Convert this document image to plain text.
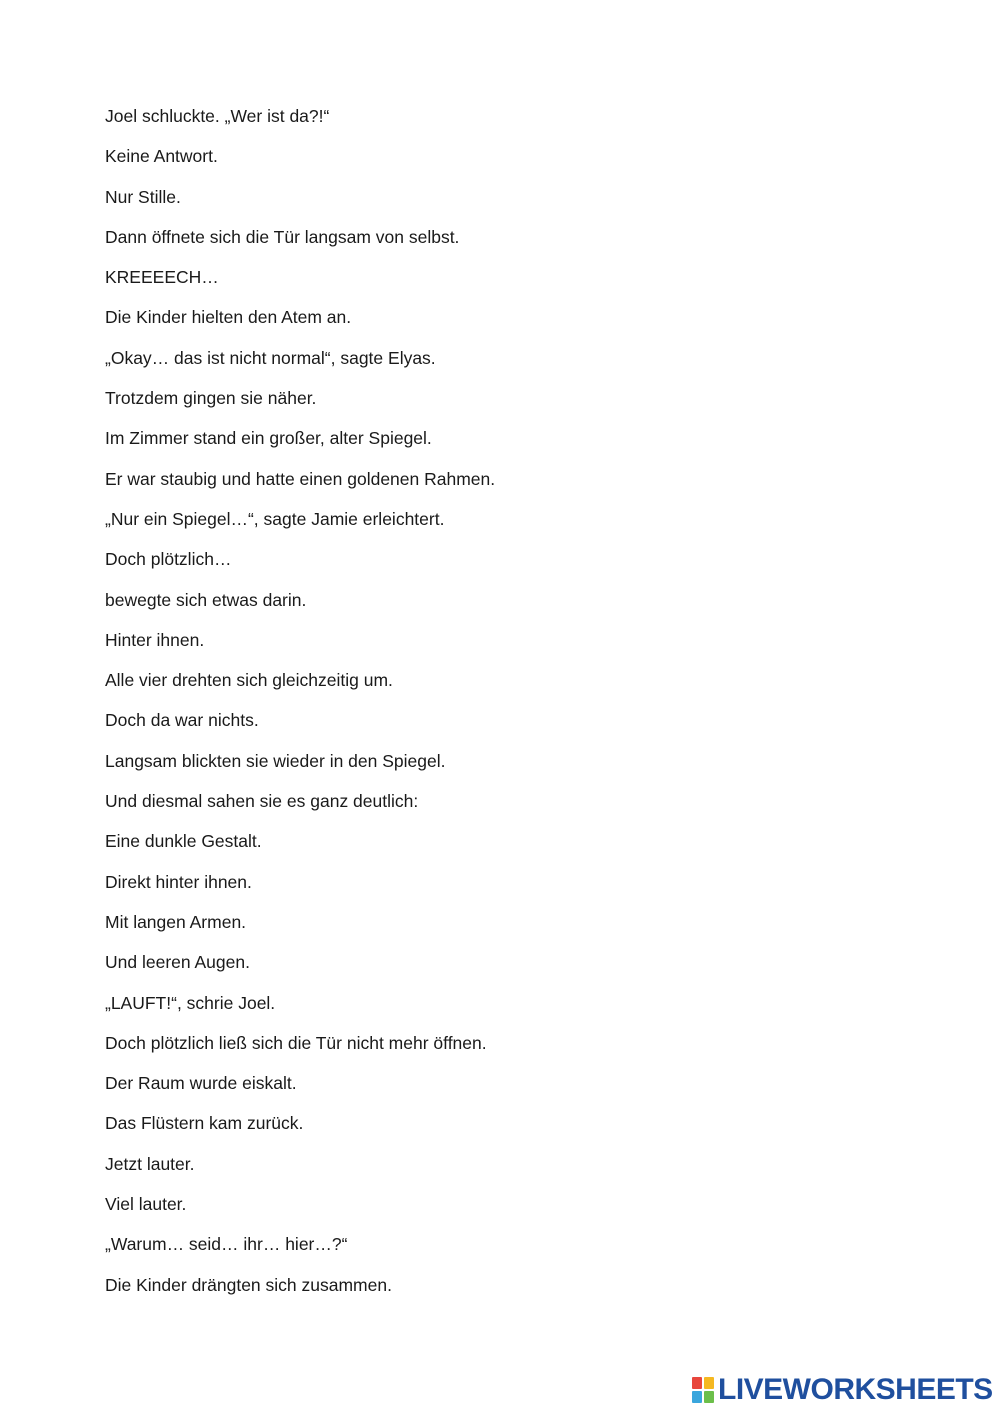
Joel schluckte. „Wer ist da?!“
Keine Antwort.
Nur Stille.
Dann öffnete sich die Tür langsam von selbst.
KREEEECH…
Die Kinder hielten den Atem an.
„Okay… das ist nicht normal“, sagte Elyas.
Trotzdem gingen sie näher.
Im Zimmer stand ein großer, alter Spiegel.
Er war staubig und hatte einen goldenen Rahmen.
„Nur ein Spiegel…“, sagte Jamie erleichtert.
Doch plötzlich…
bewegte sich etwas darin.
Hinter ihnen.
Alle vier drehten sich gleichzeitig um.
Doch da war nichts.
Langsam blickten sie wieder in den Spiegel.
Und diesmal sahen sie es ganz deutlich:
Eine dunkle Gestalt.
Direkt hinter ihnen.
Mit langen Armen.
Und leeren Augen.
„LAUFT!“, schrie Joel.
Doch plötzlich ließ sich die Tür nicht mehr öffnen.
Der Raum wurde eiskalt.
Das Flüstern kam zurück.
Jetzt lauter.
Viel lauter.
„Warum… seid… ihr… hier…?“
Die Kinder drängten sich zusammen.
LIVEWORKSHEETS
